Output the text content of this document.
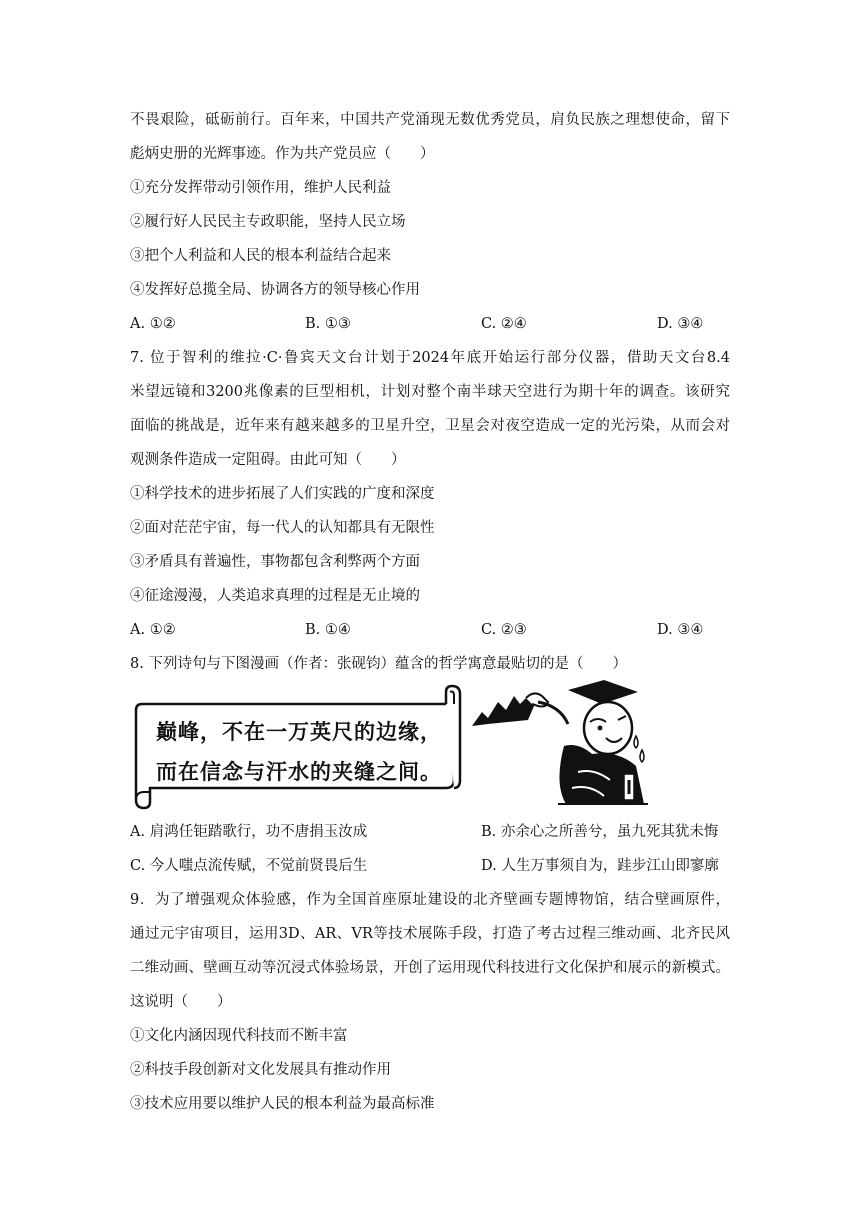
不畏艰险，砥砺前行。百年来，中国共产党涌现无数优秀党员，肩负民族之理想使命，留下
彪炳史册的光辉事迹。作为共产党员应（　　）
①充分发挥带动引领作用，维护人民利益
②履行好人民民主专政职能，坚持人民立场
③把个人利益和人民的根本利益结合起来
④发挥好总揽全局、协调各方的领导核心作用
A. ①②	B. ①③	C. ②④	D. ③④
7. 位于智利的维拉·C·鲁宾天文台计划于2024年底开始运行部分仪器，借助天文台8.4
米望远镜和3200兆像素的巨型相机，计划对整个南半球天空进行为期十年的调查。该研究
面临的挑战是，近年来有越来越多的卫星升空，卫星会对夜空造成一定的光污染，从而会对
观测条件造成一定阻碍。由此可知（　　）
①科学技术的进步拓展了人们实践的广度和深度
②面对茫茫宇宙，每一代人的认知都具有无限性
③矛盾具有普遍性，事物都包含利弊两个方面
④征途漫漫，人类追求真理的过程是无止境的
A. ①②	B. ①④	C. ②③	D. ③④
8. 下列诗句与下图漫画（作者：张砚钧）蕴含的哲学寓意最贴切的是（　　）
巅峰，不在一万英尺的边缘，
而在信念与汗水的夹缝之间。
A. 肩鸿任钜踏歌行，功不唐捐玉汝成	B. 亦余心之所善兮，虽九死其犹未悔
C. 今人嗤点流传赋，不觉前贤畏后生	D. 人生万事须自为，跬步江山即寥廓
9．为了增强观众体验感，作为全国首座原址建设的北齐壁画专题博物馆，结合壁画原件，
通过元宇宙项目，运用3D、AR、VR等技术展陈手段，打造了考古过程三维动画、北齐民风
二维动画、壁画互动等沉浸式体验场景，开创了运用现代科技进行文化保护和展示的新模式。
这说明（　　）
①文化内涵因现代科技而不断丰富
②科技手段创新对文化发展具有推动作用
③技术应用要以维护人民的根本利益为最高标准
